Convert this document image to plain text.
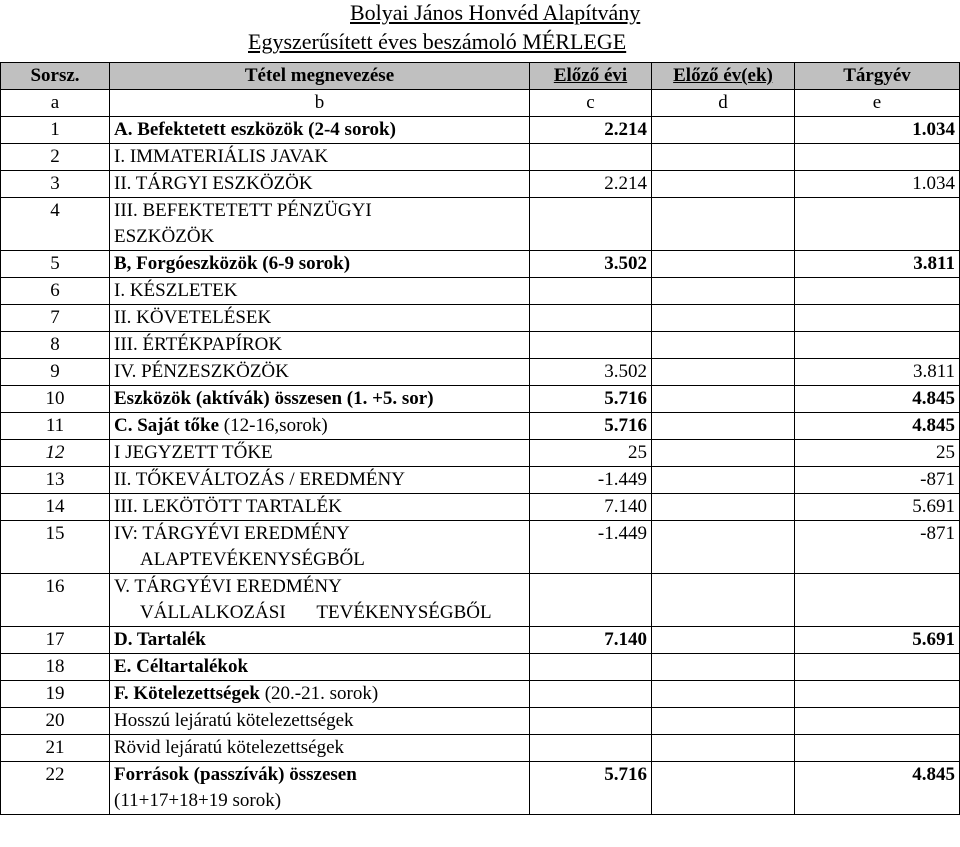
Bolyai János Honvéd Alapítvány
Egyszerűsített éves beszámoló MÉRLEGE
Sorsz.	Tétel megnevezése	Előző évi	Előző év(ek)	Tárgyév
a	b	c	d	e
1	A. Befektetett eszközök (2-4 sorok)	2.214		1.034
2	I. IMMATERIÁLIS JAVAK			
3	II. TÁRGYI ESZKÖZÖK	2.214		1.034
4	III. BEFEKTETETT PÉNZÜGYI
ESZKÖZÖK			

5	B, Forgóeszközök (6-9 sorok)	3.502		3.811
6	I. KÉSZLETEK			
7	II. KÖVETELÉSEK			
8	III. ÉRTÉKPAPÍROK			
9	IV. PÉNZESZKÖZÖK	3.502		3.811
10	Eszközök (aktívák) összesen (1. +5. sor)	5.716		4.845
11	C. Saját tőke (12-16,sorok)	5.716		4.845
12	I JEGYZETT TŐKE	25		25
13	II. TŐKEVÁLTOZÁS / EREDMÉNY	-1.449		-871
14	III. LEKÖTÖTT TARTALÉK	7.140		5.691
15	IV: TÁRGYÉVI EREDMÉNY
ALAPTEVÉKENYSÉGBŐL	-1.449		-871
16	V. TÁRGYÉVI EREDMÉNY
VÁLLALKOZÁSI TEVÉKENYSÉGBŐL			
17	D. Tartalék	7.140		5.691
18	E. Céltartalékok			
19	F. Kötelezettségek (20.-21. sorok)			
20	Hosszú lejáratú kötelezettségek			
21	Rövid lejáratú kötelezettségek			
22	Források (passzívák) összesen
(11+17+18+19 sorok)	5.716		4.845
